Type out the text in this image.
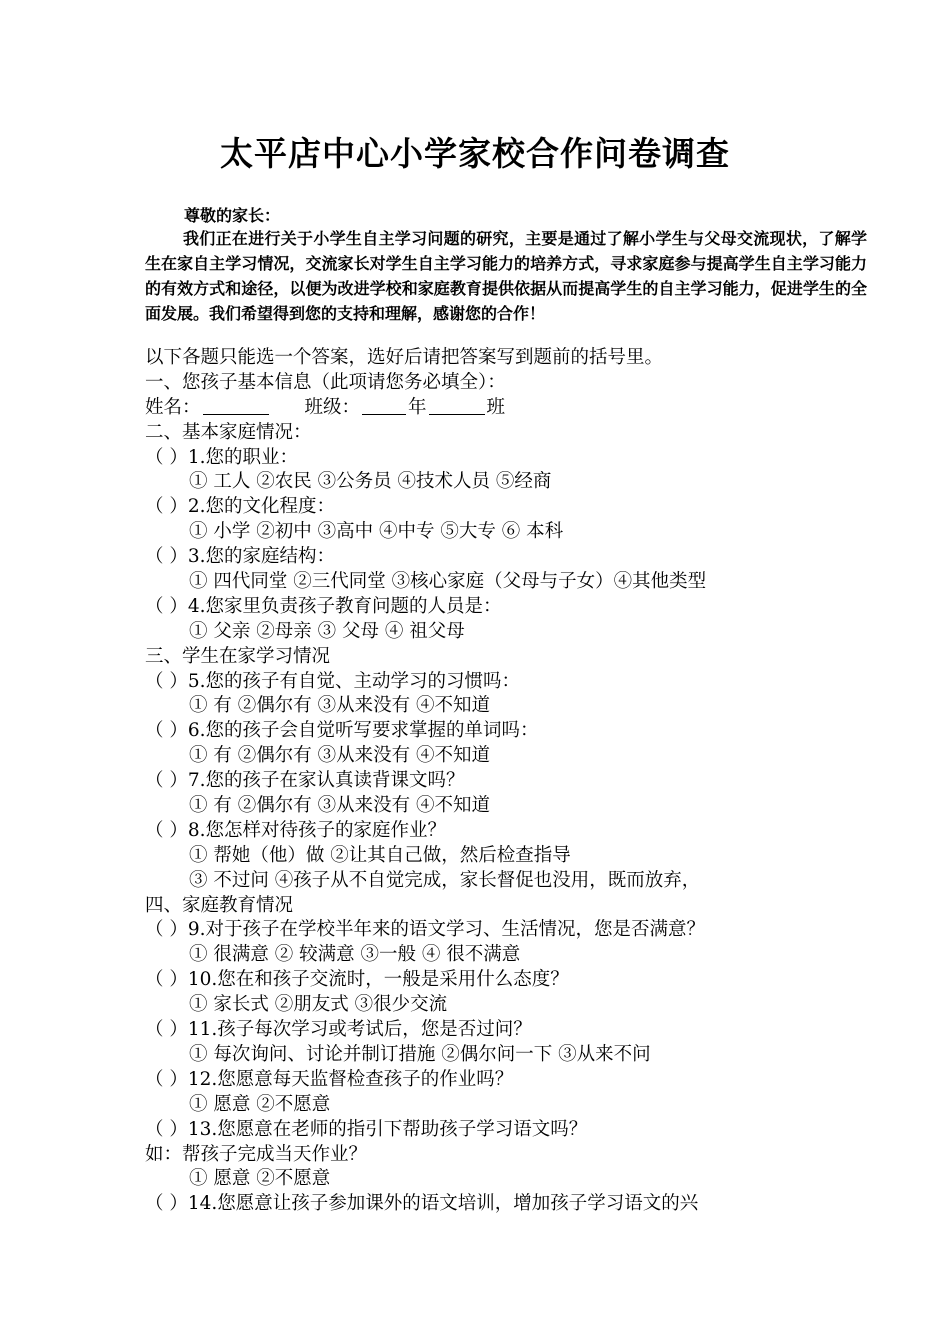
太平店中心小学家校合作问卷调查
尊敬的家长：

我们正在进行关于小学生自主学习问题的研究，主要是通过了解小学生与父母交流现状，了解学生在家自主学习情况，交流家长对学生自主学习能力的培养方式，寻求家庭参与提高学生自主学习能力的有效方式和途径，以便为改进学校和家庭教育提供依据从而提高学生的自主学习能力，促进学生的全面发展。我们希望得到您的支持和理解，感谢您的合作！

以下各题只能选一个答案，选好后请把答案写到题前的括号里。
一、您孩子基本信息（此项请您务必填全）：
姓名：	班级：	年	班
二、基本家庭情况：
（ ）1.您的职业：
① 工人 ②农民 ③公务员 ④技术人员 ⑤经商
（ ）2.您的文化程度：
① 小学 ②初中 ③高中 ④中专 ⑤大专 ⑥ 本科
（ ）3.您的家庭结构：
① 四代同堂 ②三代同堂 ③核心家庭（父母与子女）④其他类型
（ ）4.您家里负责孩子教育问题的人员是：
① 父亲 ②母亲 ③ 父母 ④ 祖父母
三、学生在家学习情况
（ ）5.您的孩子有自觉、主动学习的习惯吗：
① 有 ②偶尔有 ③从来没有 ④不知道
（ ）6.您的孩子会自觉听写要求掌握的单词吗：
① 有 ②偶尔有 ③从来没有 ④不知道
（ ）7.您的孩子在家认真读背课文吗？
① 有 ②偶尔有 ③从来没有 ④不知道
（ ）8.您怎样对待孩子的家庭作业？
① 帮她（他）做 ②让其自己做，然后检查指导
③ 不过问 ④孩子从不自觉完成，家长督促也没用，既而放弃，
四、家庭教育情况
（ ）9.对于孩子在学校半年来的语文学习、生活情况，您是否满意？
① 很满意 ② 较满意 ③一般 ④ 很不满意
（ ）10.您在和孩子交流时，一般是采用什么态度？
① 家长式 ②朋友式 ③很少交流
（ ）11.孩子每次学习或考试后，您是否过问？
① 每次询问、讨论并制订措施 ②偶尔问一下 ③从来不问
（ ）12.您愿意每天监督检查孩子的作业吗？
① 愿意 ②不愿意
（ ）13.您愿意在老师的指引下帮助孩子学习语文吗？
如：帮孩子完成当天作业？
① 愿意 ②不愿意
（ ）14.您愿意让孩子参加课外的语文培训，增加孩子学习语文的兴
